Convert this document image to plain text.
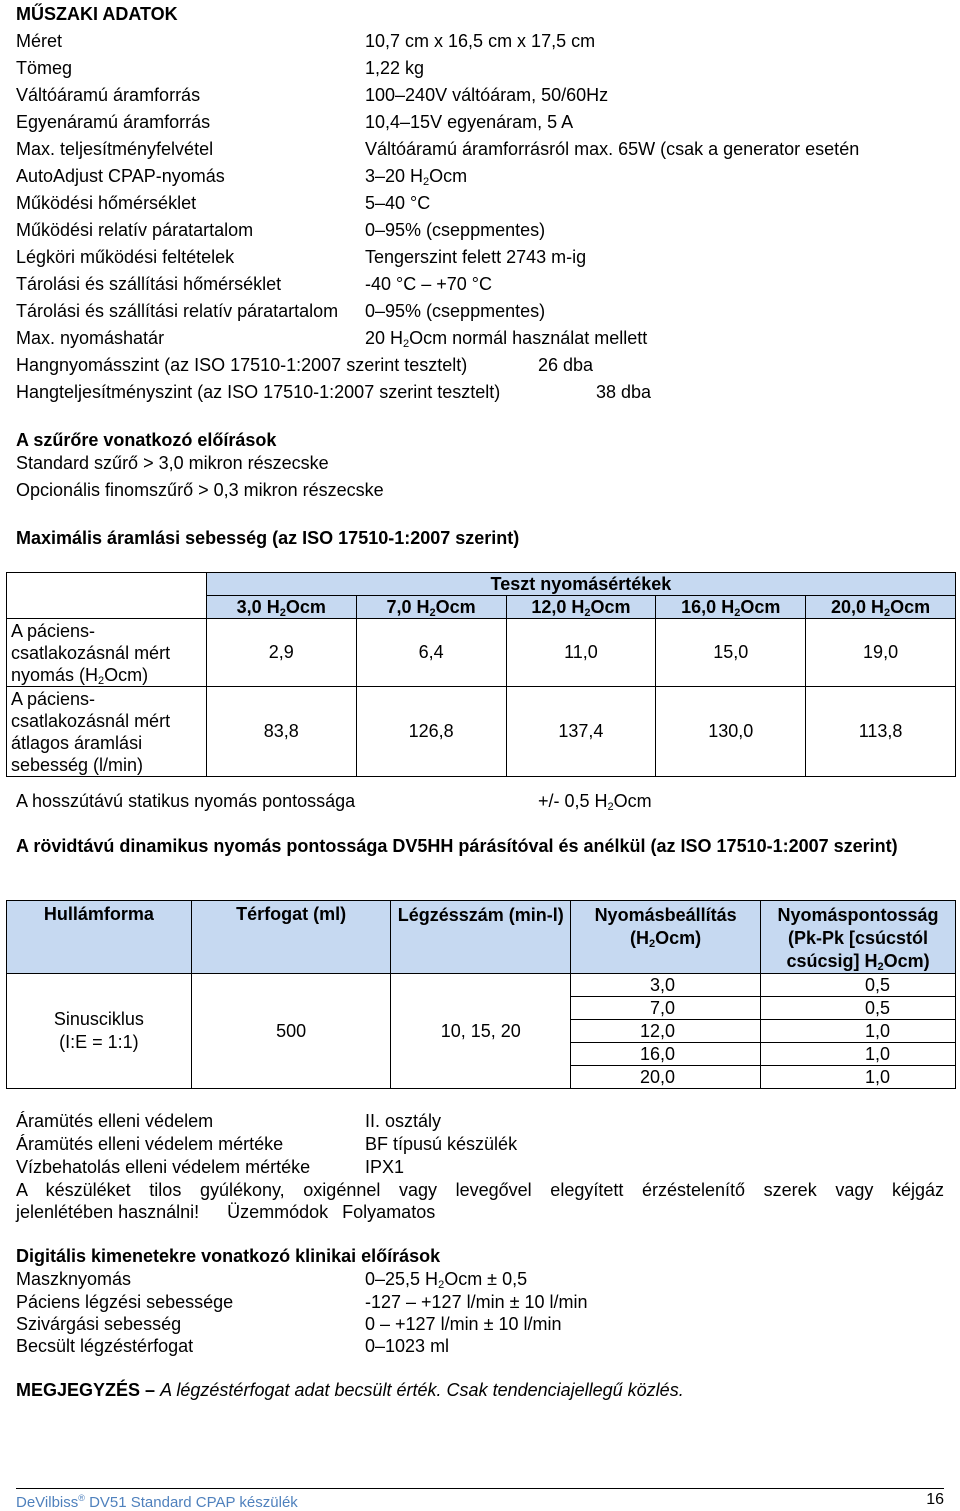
MŰSZAKI ADATOK
Méret	10,7 cm x 16,5 cm x 17,5 cm
Tömeg	1,22 kg
Váltóáramú áramforrás	100–240V váltóáram, 50/60Hz
Egyenáramú áramforrás	10,4–15V egyenáram, 5 A
Max. teljesítményfelvétel	Váltóáramú áramforrásról max. 65W (csak a generator esetén
AutoAdjust CPAP-nyomás	3–20 $H_2Ocm$
Működési hőmérséklet	5–40 °C
Működési relatív páratartalom	0–95% (cseppmentes)
Légköri működési feltételek	Tengerszint felett 2743 m-ig
Tárolási és szállítási hőmérséklet	-40 °C – +70 °C
Tárolási és szállítási relatív páratartalom 0–95% (cseppmentes)
Max. nyomáshatár	20 $H_2Ocm$ normál használat mellett
Hangnyomásszint (az ISO 17510-1:2007 szerint tesztelt)	26 dba
Hangteljesítményszint (az ISO 17510-1:2007 szerint tesztelt)	38 dba
A szűrőre vonatkozó előírások
Standard szűrő > 3,0 mikron részecske
Opcionális finomszűrő > 0,3 mikron részecske
Maximális áramlási sebesség (az ISO 17510-1:2007 szerint)
	Teszt nyomásértékek				
	3,0 $H_2Ocm$	7,0 $H_2Ocm$	12,0 $H_2Ocm$	16,0 $H_2Ocm$	20,0 $H_2Ocm$
A páciens-csatlakozásnál mért nyomás $(H_2Ocm)$	2,9	6,4	11,0	15,0	19,0
A páciens-csatlakozásnál mért átlagos áramlási sebesség (l/min)	83,8	126,8	137,4	130,0	113,8
A hosszútávú statikus nyomás pontossága	+/- 0,5 $H_2Ocm$
A rövidtávú dinamikus nyomás pontossága DV5HH párásítóval és anélkül (az ISO 17510-1:2007 szerint)
Hullámforma	Térfogat (ml)	Légzésszám (min-l)	Nyomásbeállítás $(H_2Ocm)$	Nyomáspontosság (Pk-Pk [csúcstól csúcsig] $H_2Ocm$)

Sinusciklus
(I:E = 1:1)	500	10, 15, 20	3,0	0,5
			7,0	0,5
			12,0	1,0
			16,0	1,0
			20,0	1,0
Áramütés elleni védelem	II. osztály
Áramütés elleni védelem mértéke	BF típusú készülék
Vízbehatolás elleni védelem mértéke	IPX1
A készüléket tilos gyúlékony, oxigénnel vagy levegővel elegyített érzéstelenítő szerek vagy kéjgáz
jelenlétében használni! Üzemmódok Folyamatos
Digitális kimenetekre vonatkozó klinikai előírások
Maszknyomás	0–25,5 $H_2Ocm \pm 0,5$
Páciens légzési sebessége	-127 – +127 l/min ± 10 l/min
Szivárgási sebesség	0 – +127 l/min ± 10 l/min
Becsült légzéstérfogat	0–1023 ml
MEGJEGYZÉS – A légzéstérfogat adat becsült érték. Csak tendenciajellegű közlés.
DeVilbiss® DV51 Standard CPAP készülék	16
